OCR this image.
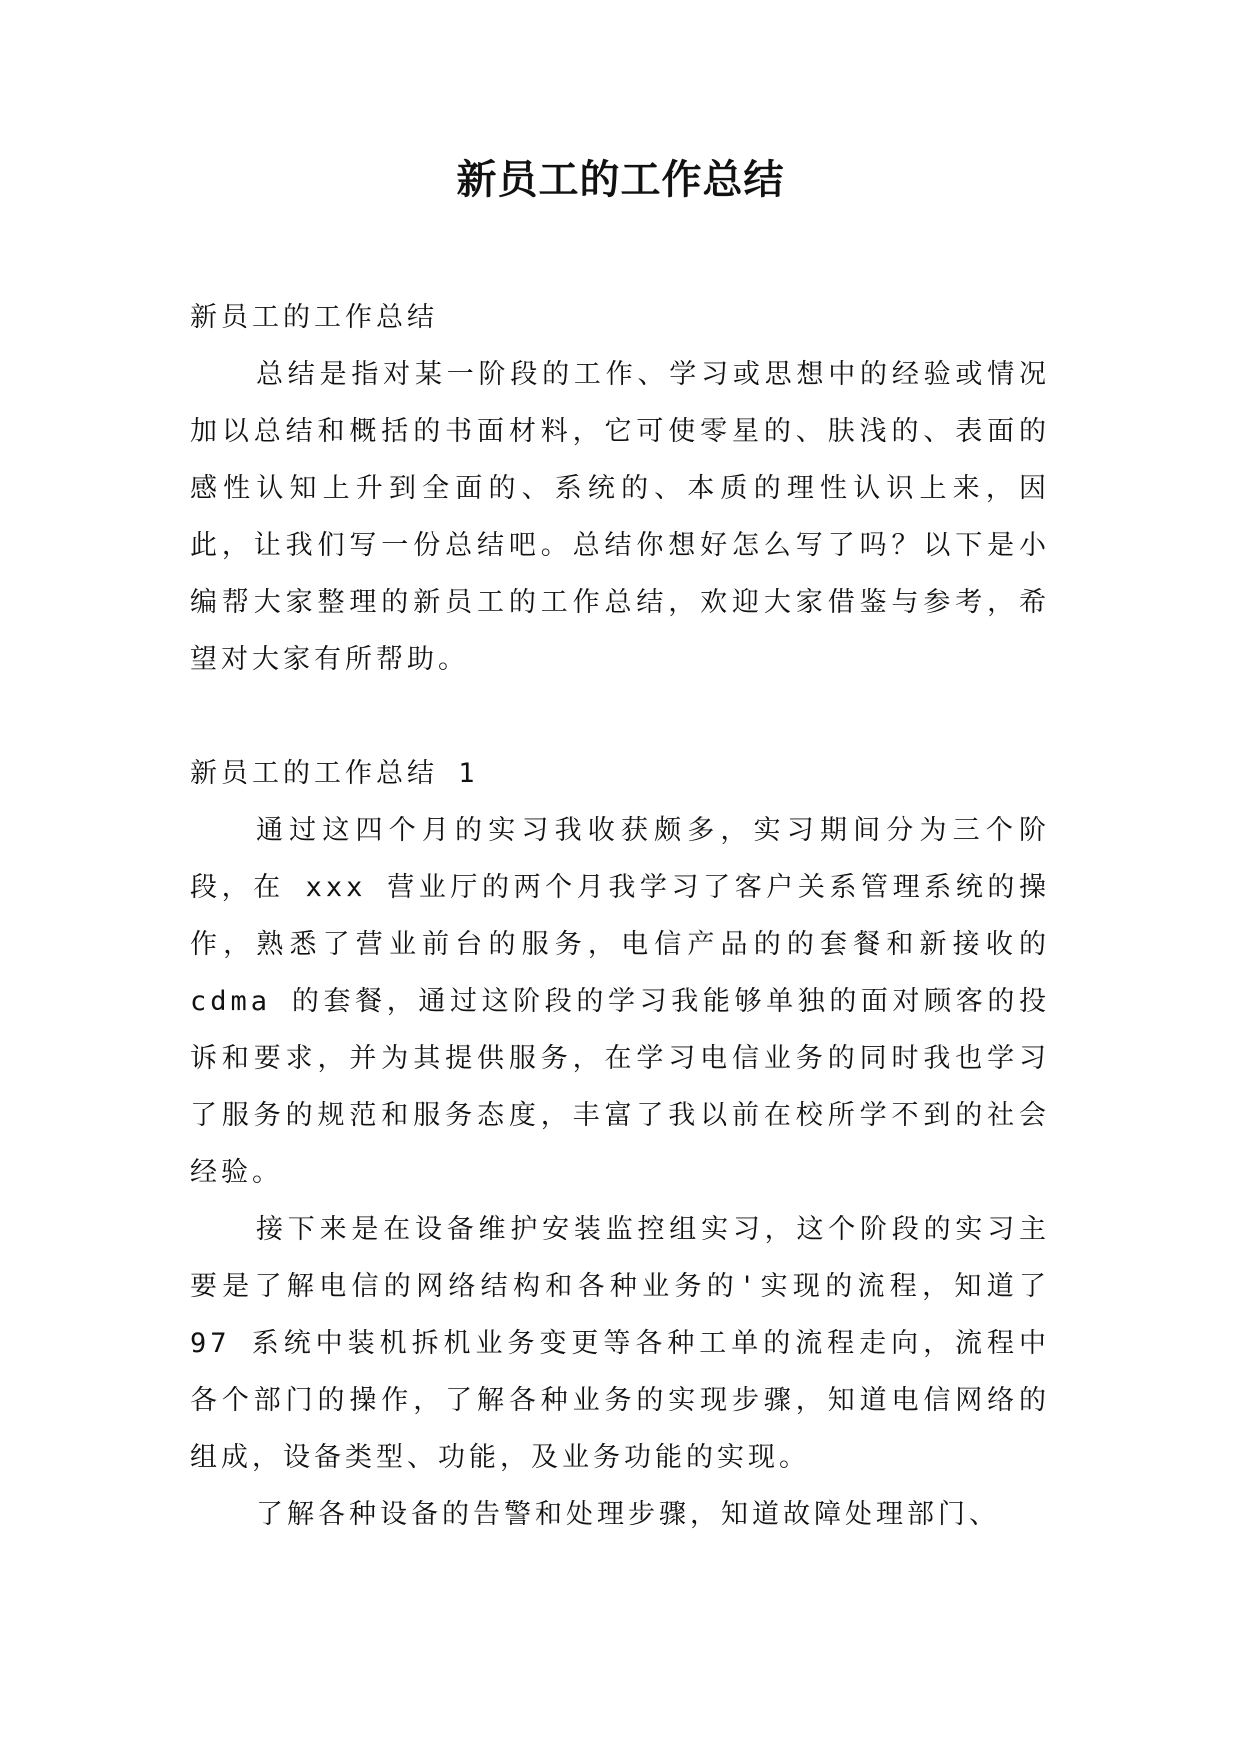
新员工的工作总结
新员工的工作总结

总结是指对某一阶段的工作、学习或思想中的经验或情况加以总结和概括的书面材料，它可使零星的、肤浅的、表面的感性认知上升到全面的、系统的、本质的理性认识上来，因此，让我们写一份总结吧。总结你想好怎么写了吗？以下是小编帮大家整理的新员工的工作总结，欢迎大家借鉴与参考，希望对大家有所帮助。

新员工的工作总结 1

通过这四个月的实习我收获颇多，实习期间分为三个阶段，在 xxx 营业厅的两个月我学习了客户关系管理系统的操作，熟悉了营业前台的服务，电信产品的的套餐和新接收的 cdma 的套餐，通过这阶段的学习我能够单独的面对顾客的投诉和要求，并为其提供服务，在学习电信业务的同时我也学习了服务的规范和服务态度，丰富了我以前在校所学不到的社会经验。

接下来是在设备维护安装监控组实习，这个阶段的实习主要是了解电信的网络结构和各种业务的'实现的流程，知道了 97 系统中装机拆机业务变更等各种工单的流程走向，流程中各个部门的操作，了解各种业务的实现步骤，知道电信网络的组成，设备类型、功能，及业务功能的实现。

了解各种设备的告警和处理步骤，知道故障处理部门、
